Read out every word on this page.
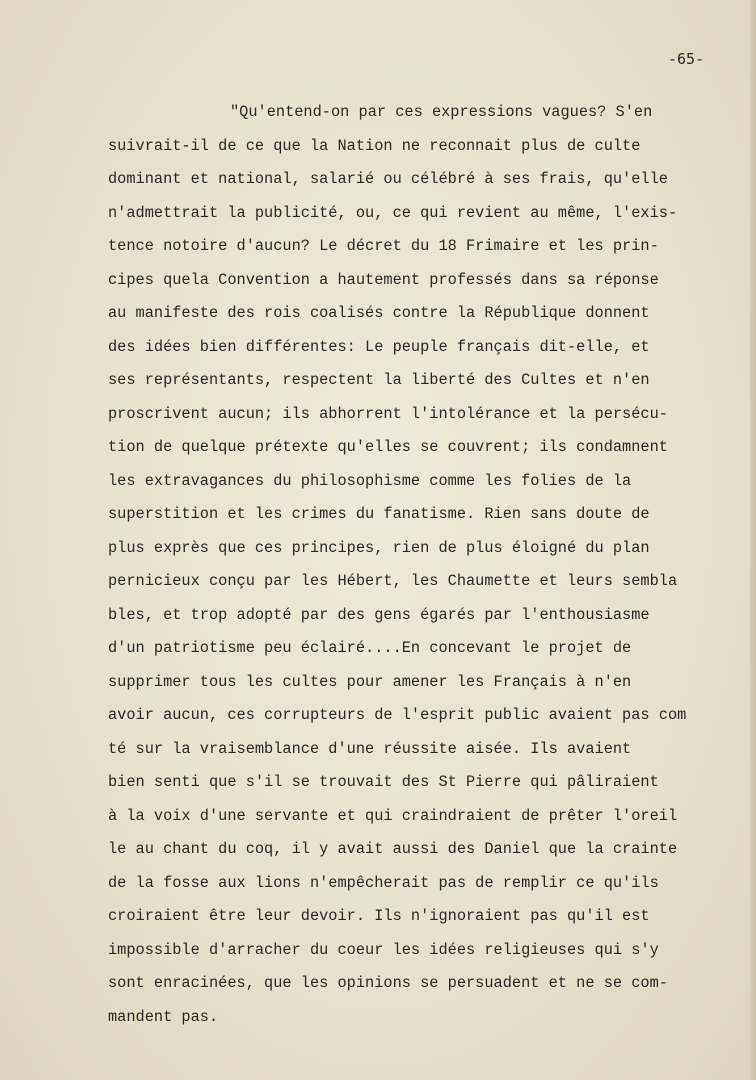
-65-
"Qu'entend-on par ces expressions vagues? S'en
suivrait-il de ce que la Nation ne reconnait plus de culte
dominant et national, salarié ou célébré à ses frais, qu'elle
n'admettrait la publicité, ou, ce qui revient au même, l'exis-
tence notoire d'aucun? Le décret du 18 Frimaire et les prin-
cipes quela Convention a hautement professés dans sa réponse
au manifeste des rois coalisés contre la République donnent
des idées bien différentes: Le peuple français dit-elle, et
ses représentants, respectent la liberté des Cultes et n'en
proscrivent aucun; ils abhorrent l'intolérance et la persécu-
tion de quelque prétexte qu'elles se couvrent; ils condamnent
les extravagances du philosophisme comme les folies de la
superstition et les crimes du fanatisme. Rien sans doute de
plus exprès que ces principes, rien de plus éloigné du plan
pernicieux conçu par les Hébert, les Chaumette et leurs sembla
bles, et trop adopté par des gens égarés par l'enthousiasme
d'un patriotisme peu éclairé....En concevant le projet de
supprimer tous les cultes pour amener les Français à n'en
avoir aucun, ces corrupteurs de l'esprit public avaient pas com
té sur la vraisemblance d'une réussite aisée. Ils avaient
bien senti que s'il se trouvait des St Pierre qui pâliraient
à la voix d'une servante et qui craindraient de prêter l'oreil
le au chant du coq, il y avait aussi des Daniel que la crainte
de la fosse aux lions n'empêcherait pas de remplir ce qu'ils
croiraient être leur devoir. Ils n'ignoraient pas qu'il est
impossible d'arracher du coeur les idées religieuses qui s'y
sont enracinées, que les opinions se persuadent et ne se com-
mandent pas.
